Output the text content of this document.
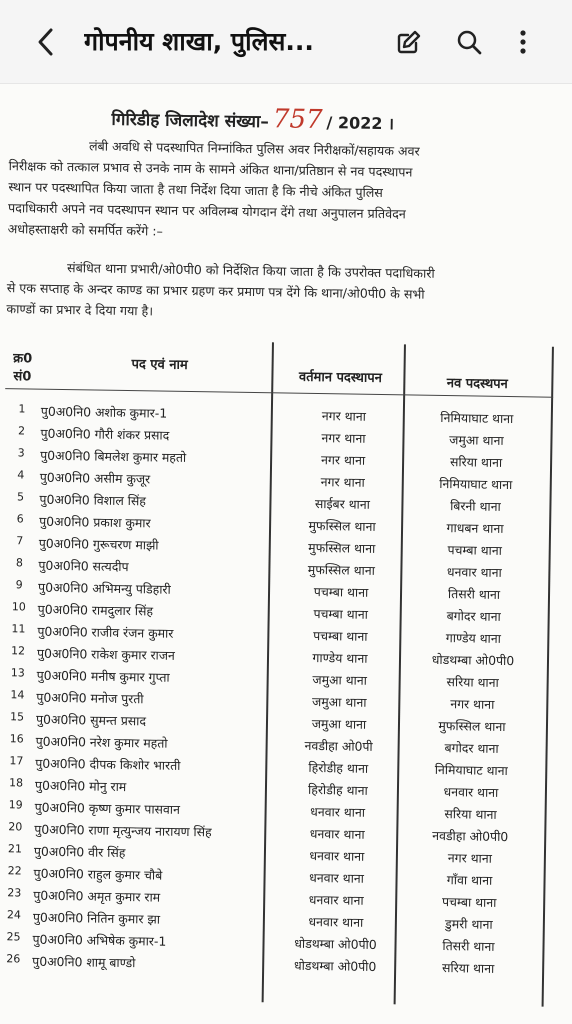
गोपनीय शाखा, पुलिस...
गिरिडीह जिलादेश संख्या– 757 / 2022 ।
लंबी अवधि से पदस्थापित निम्नांकित पुलिस अवर निरीक्षकों/सहायक अवर
निरीक्षक को तत्काल प्रभाव से उनके नाम के सामने अंकित थाना/प्रतिष्ठान से नव पदस्थापन
स्थान पर पदस्थापित किया जाता है तथा निर्देश दिया जाता है कि नीचे अंकित पुलिस
पदाधिकारी अपने नव पदस्थापन स्थान पर अविलम्ब योगदान देंगे तथा अनुपालन प्रतिवेदन
अधोहस्ताक्षरी को समर्पित करेंगे :–
संबंधित थाना प्रभारी/ओ0पी0 को निर्देशित किया जाता है कि उपरोक्त पदाधिकारी
से एक सप्ताह के अन्दर काण्ड का प्रभार ग्रहण कर प्रमाण पत्र देंगे कि थाना/ओ0पी0 के सभी
काण्डों का प्रभार दे दिया गया है।
क्र0
सं0
पद एवं नाम
वर्तमान पदस्थापन	नव पदस्थपन
1	पु0अ0नि0 अशोक कुमार-1	नगर थाना	निमियाघाट थाना
2	पु0अ0नि0 गौरी शंकर प्रसाद	नगर थाना	जमुआ थाना
3	पु0अ0नि0 बिमलेश कुमार महतो	नगर थाना	सरिया थाना
4	पु0अ0नि0 असीम कुजूर	नगर थाना	निमियाघाट थाना
5	पु0अ0नि0 विशाल सिंह	साईबर थाना	बिरनी थाना
6	पु0अ0नि0 प्रकाश कुमार	मुफस्सिल थाना	गाधबन थाना
7	पु0अ0नि0 गुरूचरण माझी	मुफस्सिल थाना	पचम्बा थाना
8	पु0अ0नि0 सत्यदीप	मुफस्सिल थाना	धनवार थाना
9	पु0अ0नि0 अभिमन्यु पडिहारी	पचम्बा थाना	तिसरी थाना
10 पु0अ0नि0 रामदुलार सिंह	पचम्बा थाना	बगोदर थाना
11 पु0अ0नि0 राजीव रंजन कुमार	पचम्बा थाना	गाण्डेय थाना
12 पु0अ0नि0 राकेश कुमार राजन	गाण्डेय थाना	धोडथम्बा ओ0पी0
13 पु0अ0नि0 मनीष कुमार गुप्ता	जमुआ थाना	सरिया थाना
14 पु0अ0नि0 मनोज पुरती	जमुआ थाना	नगर थाना
15 पु0अ0नि0 सुमन्त प्रसाद	जमुआ थाना	मुफस्सिल थाना
16 पु0अ0नि0 नरेश कुमार महतो	नवडीहा ओ0पी	बगोदर थाना
17 पु0अ0नि0 दीपक किशोर भारती	हिरोडीह थाना	निमियाघाट थाना
18 पु0अ0नि0 मोनु राम	हिरोडीह थाना	धनवार थाना
19 पु0अ0नि0 कृष्ण कुमार पासवान	धनवार थाना	सरिया थाना
20 पु0अ0नि0 राणा मृत्युन्जय नारायण सिंह	धनवार थाना	नवडीहा ओ0पी0
21 पु0अ0नि0 वीर सिंह	धनवार थाना	नगर थाना
22 पु0अ0नि0 राहुल कुमार चौबे	धनवार थाना	गाँवा थाना
23 पु0अ0नि0 अमृत कुमार राम	धनवार थाना	पचम्बा थाना
24 पु0अ0नि0 नितिन कुमार झा	धनवार थाना	डुमरी थाना
25 पु0अ0नि0 अभिषेक कुमार-1	धोडथम्बा ओ0पी0	तिसरी थाना
26 पु0अ0नि0 शामू बाण्डो	धोडथम्बा ओ0पी0	सरिया थाना
